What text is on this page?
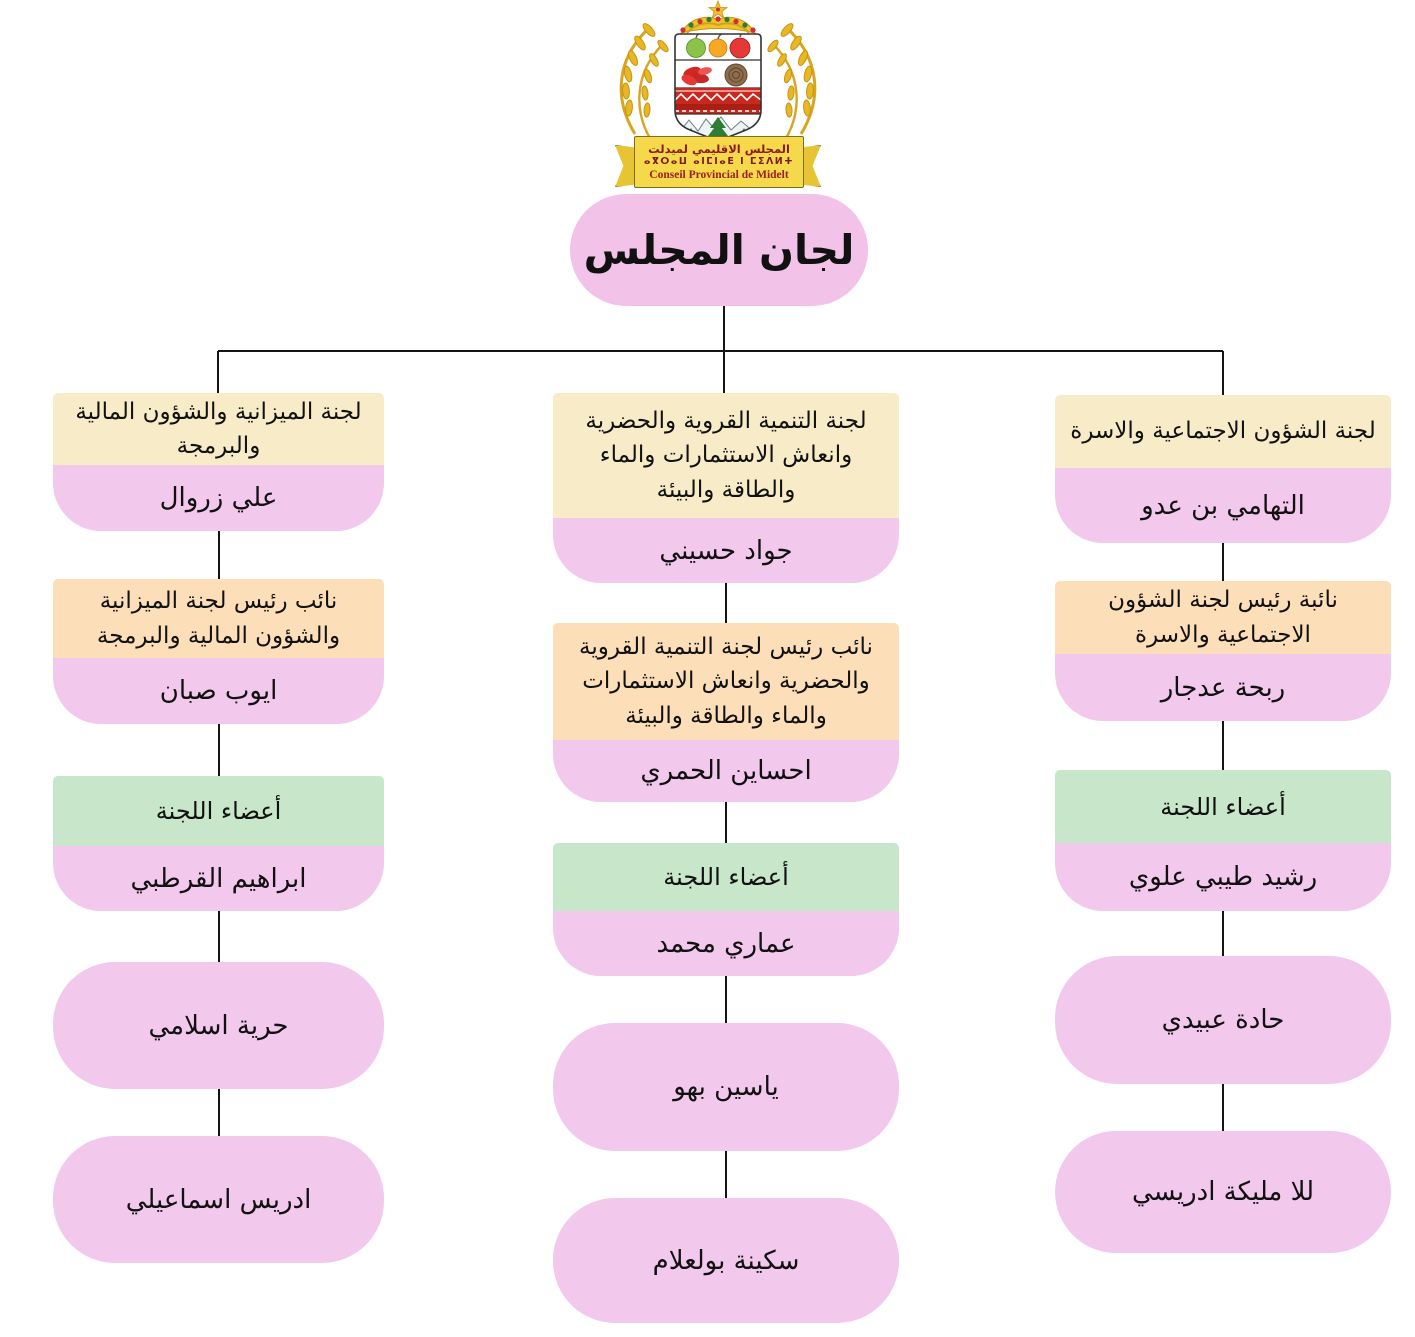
المجلس الاقليمي لميدلت
ⴰⴳⵔⴰⵡ ⴰⵏⵎⵏⴰⴹ ⵏ ⵎⵉⴷⵍⵜ
Conseil Provincial de Midelt
لجان المجلس
لجنة الميزانية والشؤون المالية والبرمجة
علي زروال
نائب رئيس لجنة الميزانية والشؤون المالية والبرمجة
ايوب صبان
أعضاء اللجنة
ابراهيم القرطبي
حرية اسلامي
ادريس اسماعيلي
لجنة التنمية القروية والحضرية وانعاش الاستثمارات والماء والطاقة والبيئة
جواد حسيني
نائب رئيس لجنة التنمية القروية والحضرية وانعاش الاستثمارات والماء والطاقة والبيئة
احساين الحمري
أعضاء اللجنة
عماري محمد
ياسين بهو
سكينة بولعلام
لجنة الشؤون الاجتماعية والاسرة
التهامي بن عدو
نائبة رئيس لجنة الشؤون الاجتماعية والاسرة
ربحة عدجار
أعضاء اللجنة
رشيد طيبي علوي
حادة عبيدي
للا مليكة ادريسي
